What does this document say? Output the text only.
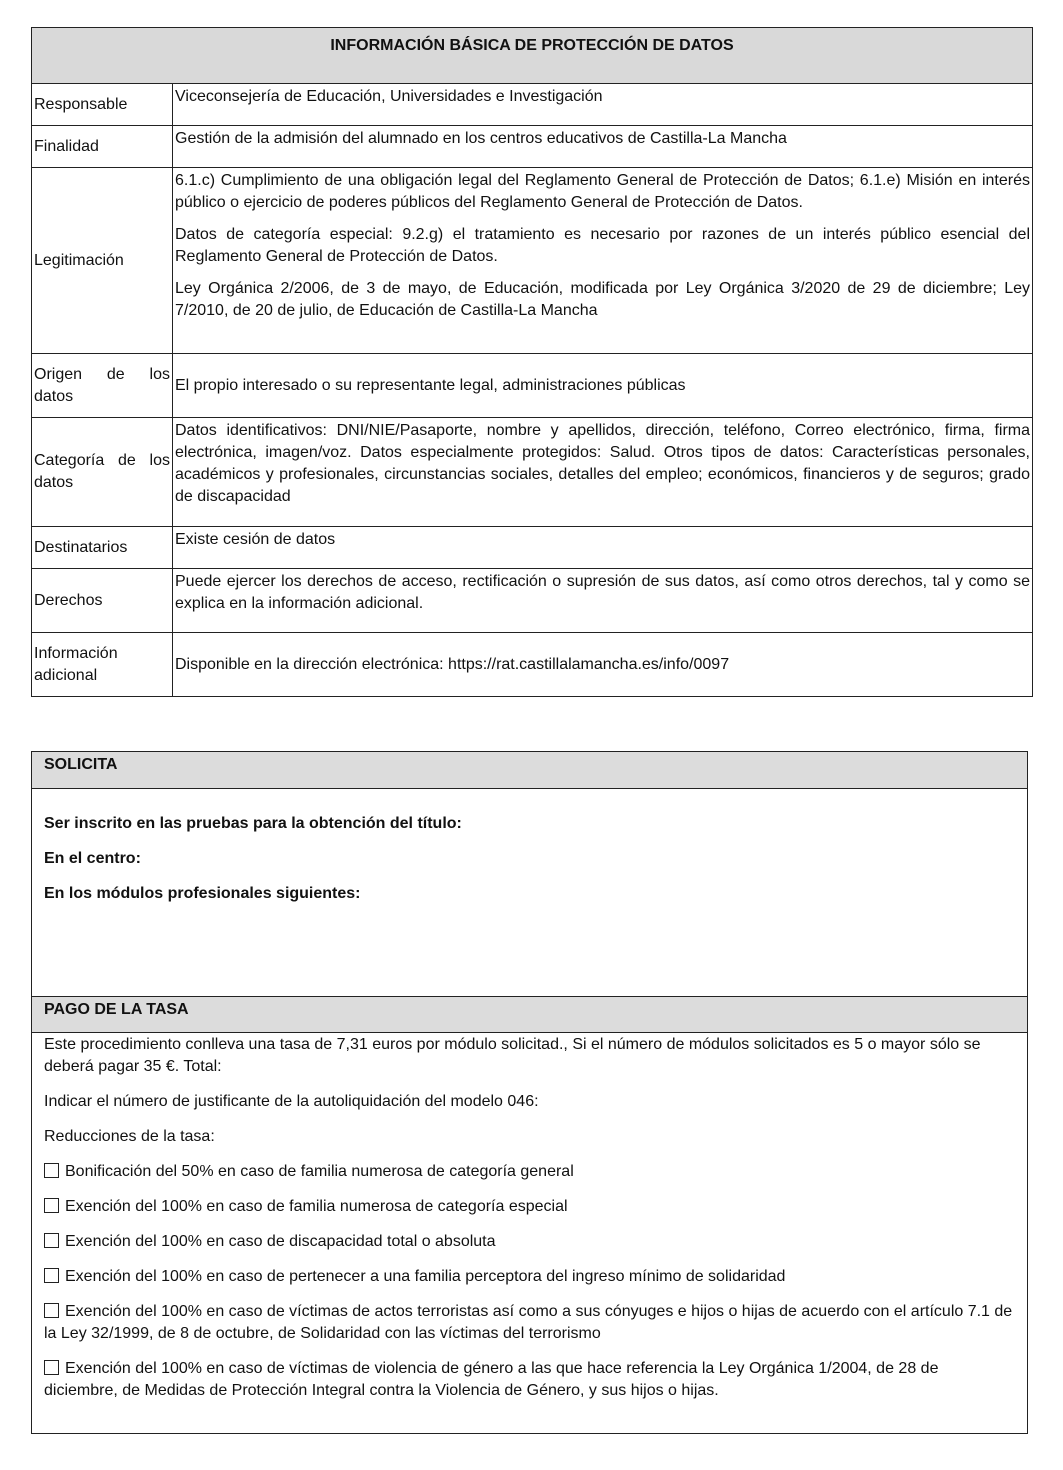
INFORMACIÓN BÁSICA DE PROTECCIÓN DE DATOS	
Responsable	Viceconsejería de Educación, Universidades e Investigación
Finalidad	Gestión de la admisión del alumnado en los centros educativos de Castilla-La Mancha
Legitimación	6.1.c) Cumplimiento de una obligación legal del Reglamento General de Protección de Datos; 6.1.e) Misión en interés público o ejercicio de poderes públicos del Reglamento General de Protección de Datos.

Datos de categoría especial: 9.2.g) el tratamiento es necesario por razones de un interés público esencial del Reglamento General de Protección de Datos.

Ley Orgánica 2/2006, de 3 de mayo, de Educación, modificada por Ley Orgánica 3/2020 de 29 de diciembre; Ley 7/2010, de 20 de julio, de Educación de Castilla-La Mancha

Origen de los datos	El propio interesado o su representante legal, administraciones públicas
Categoría de los datos	Datos identificativos: DNI/NIE/Pasaporte, nombre y apellidos, dirección, teléfono, Correo electrónico, firma, firma electrónica, imagen/voz. Datos especialmente protegidos: Salud. Otros tipos de datos: Características personales, académicos y profesionales, circunstancias sociales, detalles del empleo; económicos, financieros y de seguros; grado de discapacidad
Destinatarios	Existe cesión de datos
Derechos	Puede ejercer los derechos de acceso, rectificación o supresión de sus datos, así como otros derechos, tal y como se explica en la información adicional.
Información adicional	Disponible en la dirección electrónica: https://rat.castillalamancha.es/info/0097
SOLICITA

Ser inscrito en las pruebas para la obtención del título:

En el centro:

En los módulos profesionales siguientes:

PAGO DE LA TASA

Este procedimiento conlleva una tasa de 7,31 euros por módulo solicitad., Si el número de módulos solicitados es 5 o mayor sólo se deberá pagar 35 €. Total:

Indicar el número de justificante de la autoliquidación del modelo 046:

Reducciones de la tasa:

Bonificación del 50% en caso de familia numerosa de categoría general

Exención del 100% en caso de familia numerosa de categoría especial

Exención del 100% en caso de discapacidad total o absoluta

Exención del 100% en caso de pertenecer a una familia perceptora del ingreso mínimo de solidaridad

Exención del 100% en caso de víctimas de actos terroristas así como a sus cónyuges e hijos o hijas de acuerdo con el artículo 7.1 de la Ley 32/1999, de 8 de octubre, de Solidaridad con las víctimas del terrorismo

Exención del 100% en caso de víctimas de violencia de género a las que hace referencia la Ley Orgánica 1/2004, de 28 de diciembre, de Medidas de Protección Integral contra la Violencia de Género, y sus hijos o hijas.
